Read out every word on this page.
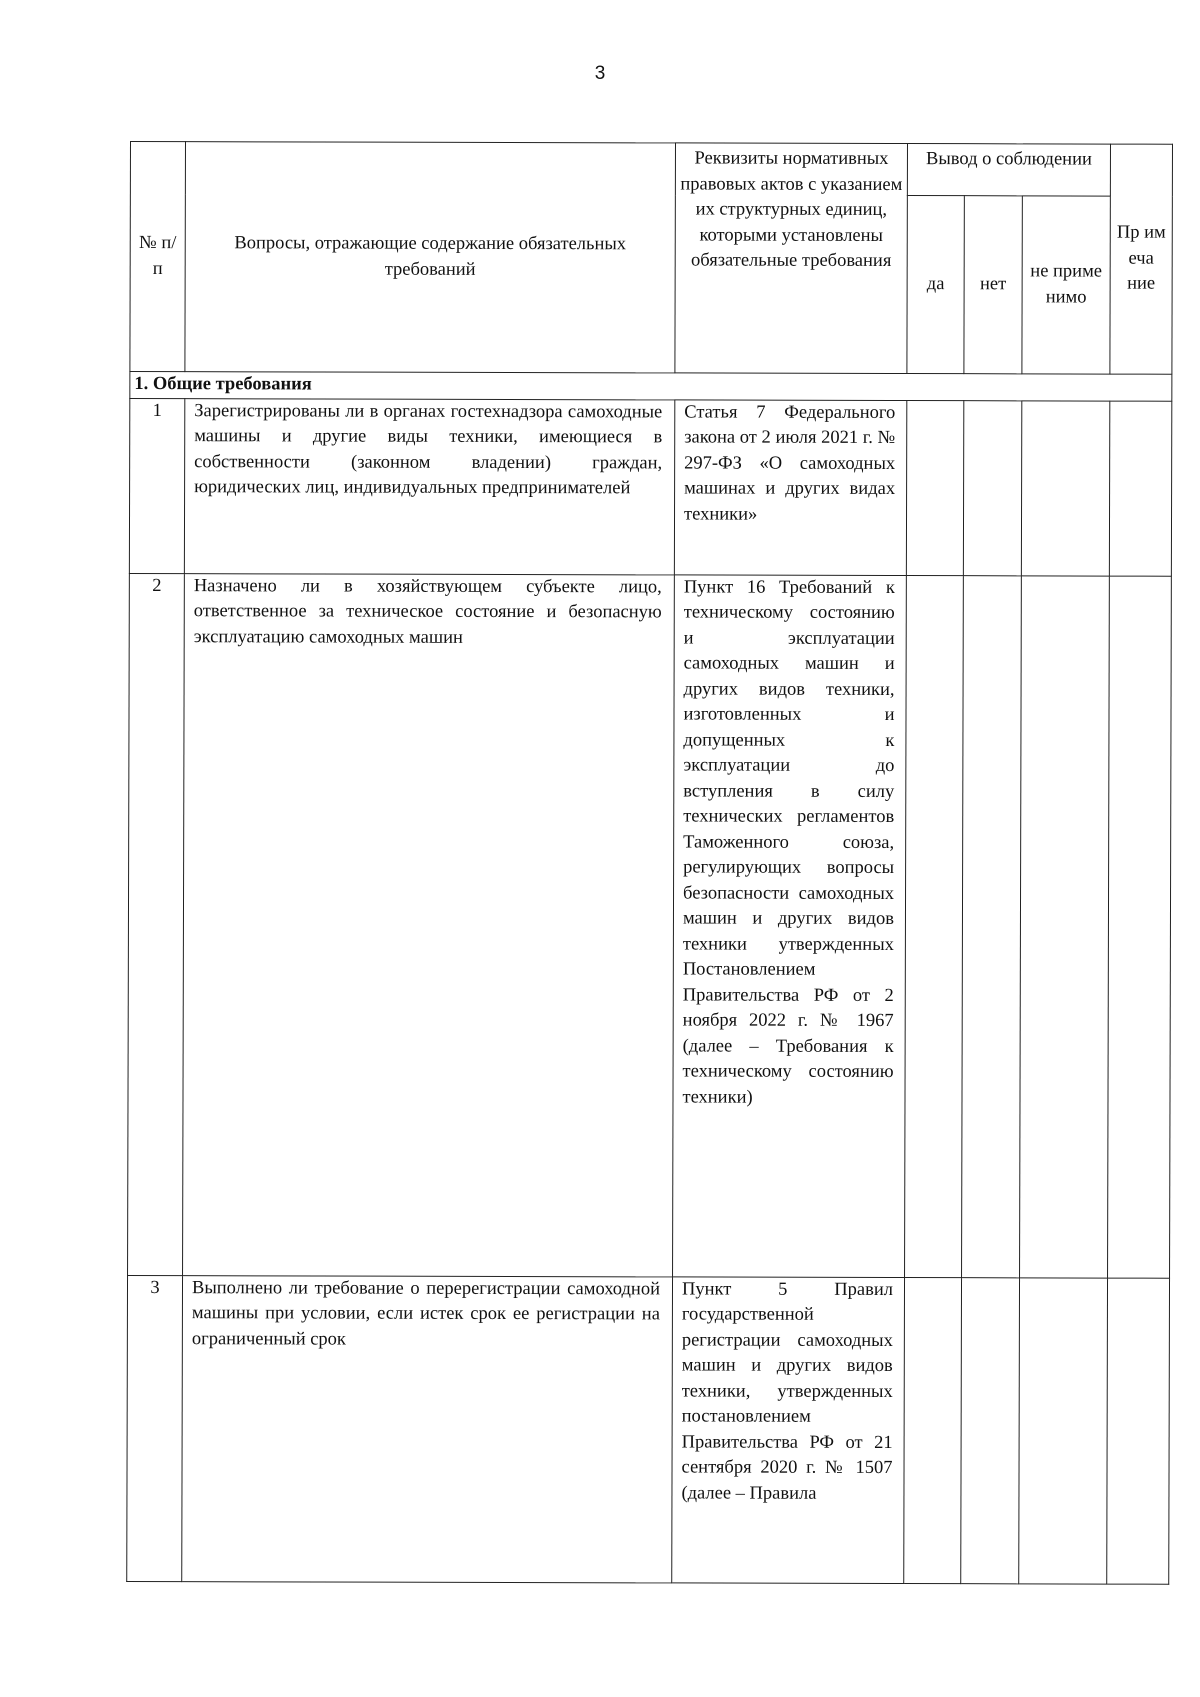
3
№ п/п	Вопросы, отражающие содержание обязательных требований	Реквизиты нормативных правовых актов с указанием их структурных единиц, которыми установлены обязательные требования	Вывод о соблюдении			Пр им еча ние
			да	нет	не приме нимо	
1. Общие требования						
1	Зарегистрированы ли в органах гостехнадзора самоходные машины и другие виды техники, имеющиеся в собственности (законном владении) граждан, юридических лиц, индивидуальных предпринимателей	Статья 7 Федерального закона от 2 июля 2021 г. № 297-ФЗ «О самоходных машинах и других видах техники»				
2	Назначено ли в хозяйствующем субъекте лицо, ответственное за техническое состояние и безопасную эксплуатацию самоходных машин	Пункт 16 Требований к техническому состоянию и эксплуатации самоходных машин и других видов техники, изготовленных и допущенных к эксплуатации до вступления в силу технических регламентов Таможенного союза, регулирующих вопросы безопасности самоходных машин и других видов техники утвержденных Постановлением Правительства РФ от 2 ноября 2022 г. № 1967 (далее – Требования к техническому состоянию техники)				
3	Выполнено ли требование о перерегистрации самоходной машины при условии, если истек срок ее регистрации на ограниченный срок	Пункт 5 Правил государственной регистрации самоходных машин и других видов техники, утвержденных постановлением Правительства РФ от 21 сентября 2020 г. № 1507 (далее – Правила				
